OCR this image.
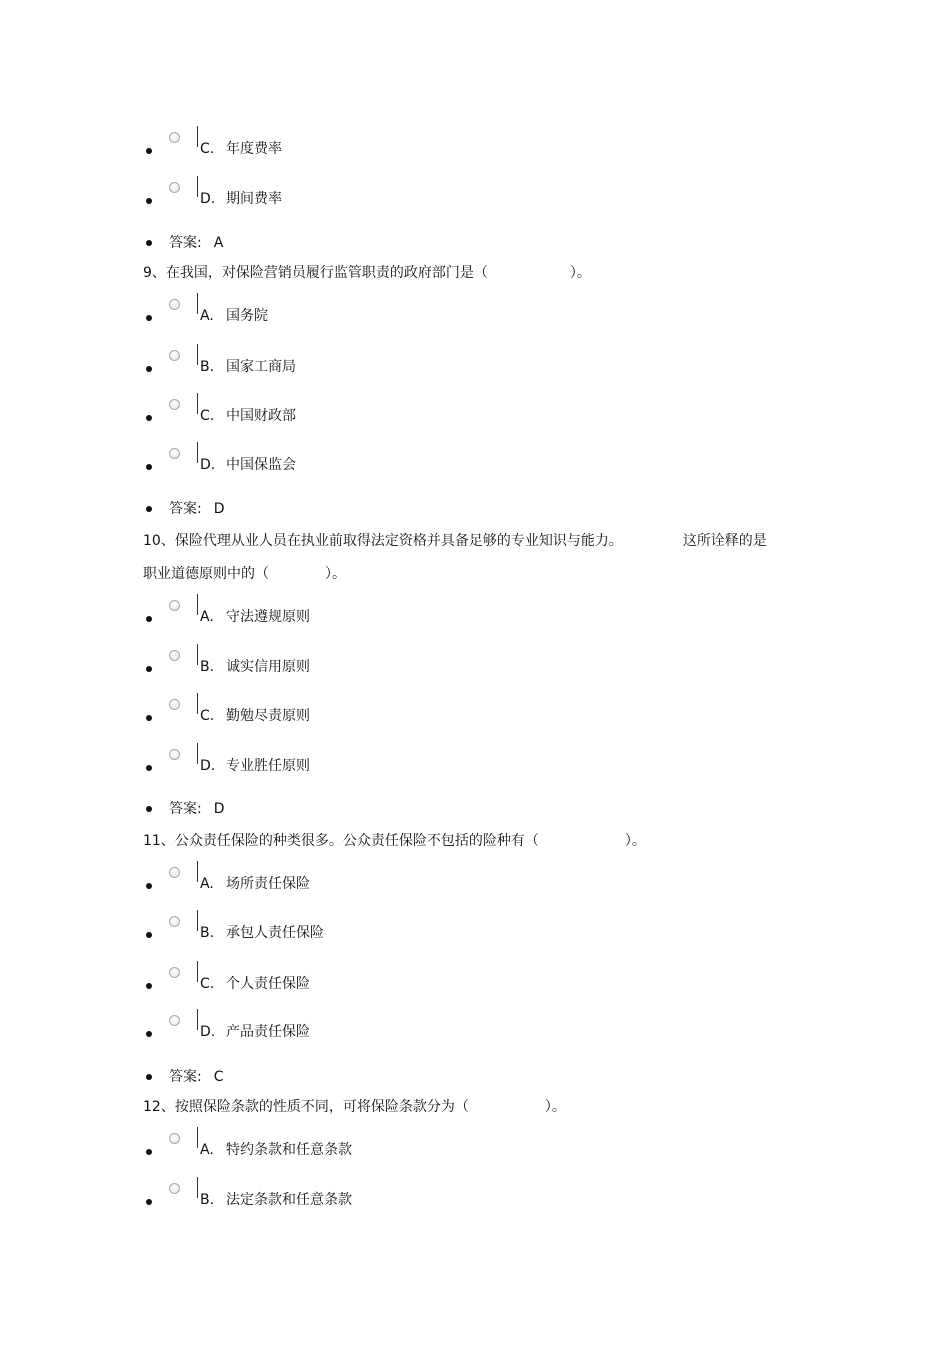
C. 年度费率
D. 期间费率
答案: A
9、在我国，对保险营销员履行监管职责的政府部门是（	）。
A. 国务院
B. 国家工商局
C. 中国财政部
D. 中国保监会
答案: D
10、保险代理从业人员在执业前取得法定资格并具备足够的专业知识与能力。	这所诠释的是
职业道德原则中的（	）。
A. 守法遵规原则
B. 诚实信用原则
C. 勤勉尽责原则
D. 专业胜任原则
答案: D
11、公众责任保险的种类很多。公众责任保险不包括的险种有（	）。
A. 场所责任保险
B. 承包人责任保险
C. 个人责任保险
D. 产品责任保险
答案: C
12、按照保险条款的性质不同，可将保险条款分为（	）。
A. 特约条款和任意条款
B. 法定条款和任意条款
